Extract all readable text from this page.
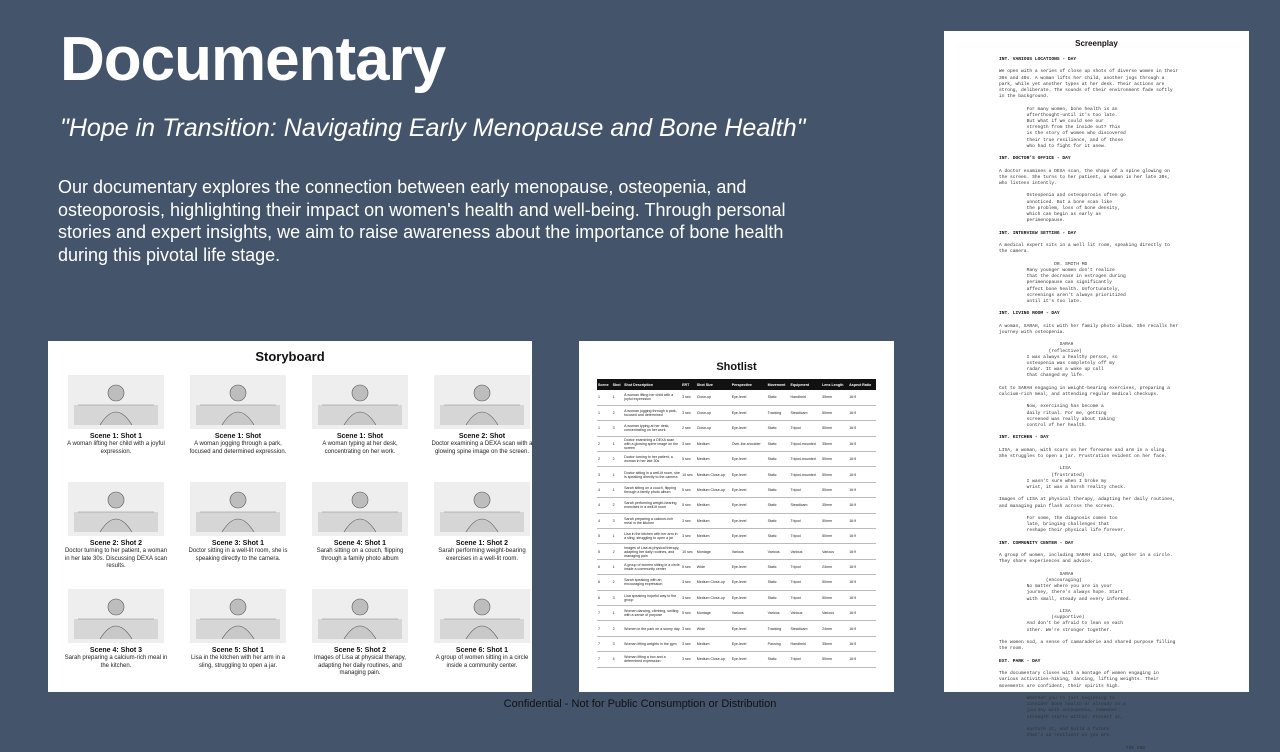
Documentary
"Hope in Transition: Navigating Early Menopause and Bone Health"
Our documentary explores the connection between early menopause, osteopenia, and osteoporosis, highlighting their impact on women's health and well-being. Through personal stories and expert insights, we aim to raise awareness about the importance of bone health during this pivotal life stage.
Storyboard
Scene 1: Shot 1
A woman lifting her child with a joyful expression.
Scene 1: Shot
A woman jogging through a park, focused and determined expression.
Scene 1: Shot
A woman typing at her desk, concentrating on her work.
Scene 2: Shot
Doctor examining a DEXA scan with a glowing spine image on the screen.
Scene 2: Shot 2
Doctor turning to her patient, a woman in her late 30s. Discussing DEXA scan results.
Scene 3: Shot 1
Doctor sitting in a well-lit room, she is speaking directly to the camera.
Scene 4: Shot 1
Sarah sitting on a couch, flipping through a family photo album
Scene 1: Shot 2
Sarah performing weight-bearing exercises in a well-lit room.
Scene 4: Shot 3
Sarah preparing a calcium-rich meal in the kitchen.
Scene 5: Shot 1
Lisa in the kitchen with her arm in a sling, struggling to open a jar.
Scene 5: Shot 2
Images of Lisa at physical therapy, adapting her daily routines, and managing pain.
Scene 6: Shot 1
A group of women sitting in a circle inside a community center.
Shotlist
Scene	Shot	Shot Description	ERT	Shot Size	Perspective	Movement	Equipment	Lens Length	Aspect Ratio
1	1	A woman lifting her child with a joyful expression	3 sec	Close-up	Eye-level	Static	Handheld	35mm	16:9
1	2	A woman jogging through a park, focused and determined	3 sec	Close-up	Eye-level	Tracking	Steadicam	50mm	16:9
1	3	A woman typing at her desk, concentrating on her work	2 sec	Close-up	Eye-level	Static	Tripod	50mm	16:9
2	1	Doctor examining a DEXA scan with a glowing spine image on the screen	3 sec	Medium	Over-the-shoulder	Static	Tripod-mounted	35mm	16:9
2	2	Doctor turning to her patient, a woman in her late 30s	5 sec	Medium	Eye-level	Static	Tripod-mounted	50mm	16:9
3	1	Doctor sitting in a well-lit room, she is speaking directly to the camera	10 sec	Medium Close-up	Eye-level	Static	Tripod-mounted	50mm	16:9
4	1	Sarah sitting on a couch, flipping through a family photo album	5 sec	Medium Close-up	Eye-level	Static	Tripod	50mm	16:9
4	2	Sarah performing weight-bearing exercises in a well-lit room	5 sec	Medium	Eye-level	Static	Steadicam	35mm	16:9
4	3	Sarah preparing a calcium-rich meal in the kitchen	3 sec	Medium	Eye-level	Static	Tripod	50mm	16:9
5	1	Lisa in the kitchen with her arm in a sling, struggling to open a jar	3 sec	Medium	Eye-level	Static	Tripod	50mm	16:9
5	2	Images of Lisa at physical therapy, adapting her daily routines, and managing pain	10 sec	Montage	Various	Various	Various	Various	16:9
6	1	A group of women sitting in a circle inside a community center	5 sec	Wide	Eye-level	Static	Tripod	24mm	16:9
6	2	Sarah speaking with an encouraging expression	3 sec	Medium Close-up	Eye-level	Static	Tripod	50mm	16:9
6	3	Lisa speaking hopeful way to the group	3 sec	Medium Close-up	Eye-level	Static	Tripod	50mm	16:9
7	1	Women dancing, climbing, smiling with a sense of purpose	5 sec	Montage	Various	Various	Various	Various	16:9
7	2	Women in the park on a sunny day	3 sec	Wide	Eye-level	Tracking	Steadicam	24mm	16:9
7	3	Woman lifting weights in the gym	3 sec	Medium	Eye-level	Panning	Handheld	35mm	16:9
7	4	Woman lifting a box and a determined expression	3 sec	Medium Close-up	Eye-level	Static	Tripod	50mm	16:9
Screenplay
INT. VARIOUS LOCATIONS - DAY

We open with a series of close up shots of diverse women in their
30s and 40s. A woman lifts her child, another jogs through a
park, while yet another types at her desk. Their actions are
strong, deliberate. The sounds of their environment fade softly
in the background.

For many women, bone health is an
afterthought-until it's too late.
But what if we could see our
strength from the inside out? This
is the story of women who discovered
their true resilience, and of those
who had to fight for it anew.

INT. DOCTOR'S OFFICE - DAY

A doctor examines a DEXA scan, the shape of a spine glowing on
the screen. She turns to her patient, a woman in her late 30s,
who listens intently.

Osteopenia and osteoporosis often go
unnoticed. But a bone scan like
the problem, loss of bone density,
which can begin as early as
perimenopause.

INT. INTERVIEW SETTING - DAY

A medical expert sits in a well lit room, speaking directly to
the camera.

DR. SMITH MD
Many younger women don't realize
that the decrease in estrogen during
perimenopause can significantly
affect bone health. Unfortunately,
screenings aren't always prioritized
until it's too late.

INT. LIVING ROOM - DAY

A woman, SARAH, sits with her family photo album. She recalls her
journey with osteopenia.

SARAH
(reflective)
I was always a healthy person, so
osteopenia was completely off my
radar. It was a wake up call
that changed my life.

Cut to SARAH engaging in weight-bearing exercises, preparing a
calcium-rich meal, and attending regular medical checkups.

Now, exercising has become a
daily ritual. For me, getting
screened was really about taking
control of her health.

INT. KITCHEN - DAY

LISA, a woman, with scars on her forearms and arm in a sling.
She struggles to open a jar. Frustration evident on her face.

LISA
(frustrated)
I wasn't sure when I broke my
wrist, it was a harsh reality check.

Images of LISA at physical therapy, adapting her daily routines,
and managing pain flash across the screen.

For some, the diagnosis comes too
late, bringing challenges that
reshape their physical life forever.

INT. COMMUNITY CENTER - DAY

A group of women, including SARAH and LISA, gather in a circle.
They share experiences and advice.

SARAH
(encouraging)
No matter where you are in your
journey, there's always hope. Start
with small, steady and every informed.

LISA
(supportive)
And don't be afraid to lean on each
other. We're stronger together.

The women nod, a sense of camaraderie and shared purpose filling
the room.

EXT. PARK - DAY

The documentary closes with a montage of women engaging in
various activities-hiking, dancing, lifting weights. Their
movements are confident, their spirits high.

Whether you're just beginning to
consider bone health or already on a
journey with osteopenia, remember:
strength starts within. Protect it,

nurture it, and build a future
that's as resilient as you are.

THE END
Confidential - Not for Public Consumption or Distribution
